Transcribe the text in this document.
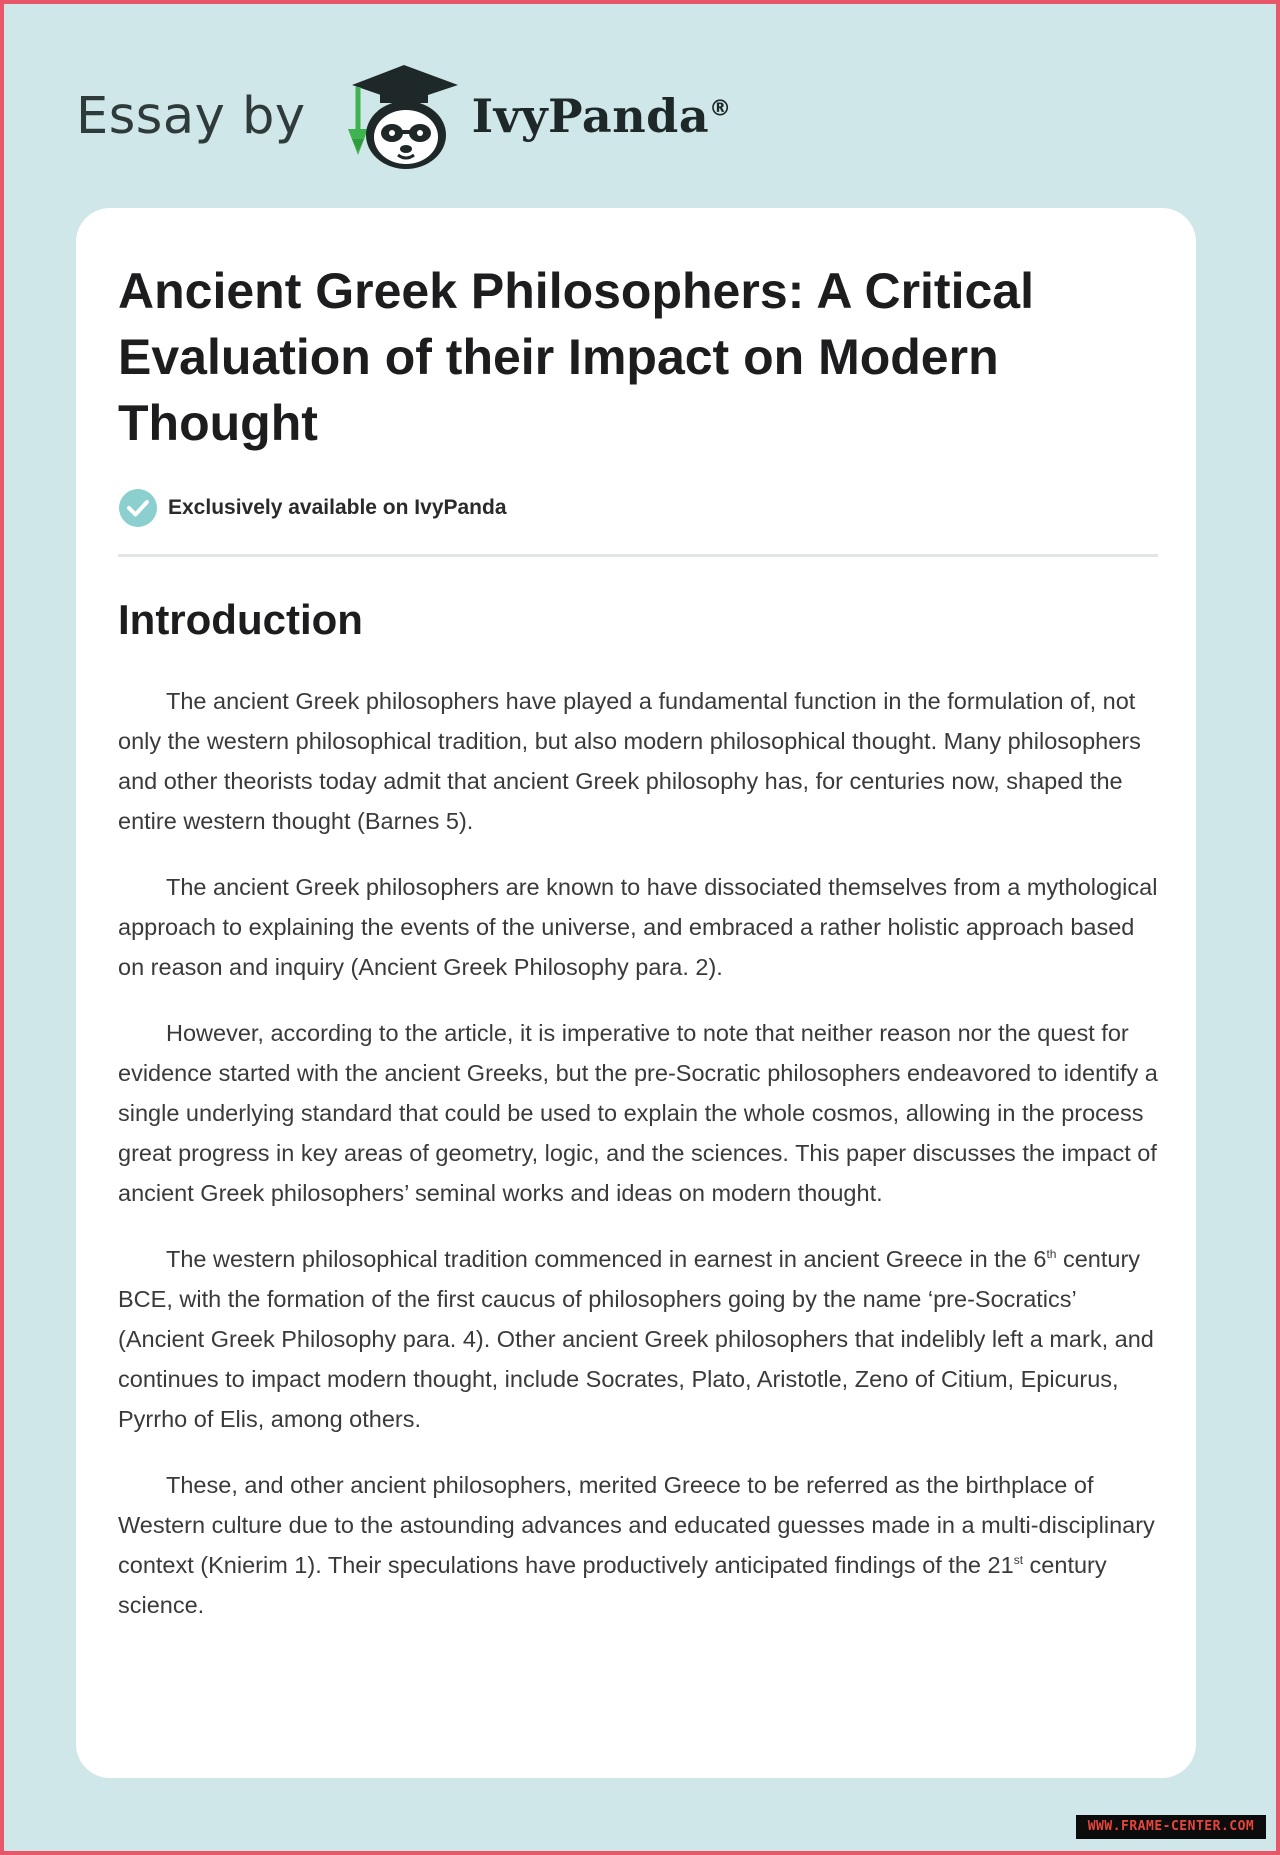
Essay by	IvyPanda®
Ancient Greek Philosophers: A Critical Evaluation of their Impact on Modern Thought
Exclusively available on IvyPanda
Introduction

The ancient Greek philosophers have played a fundamental function in the formulation of, not only the western philosophical tradition, but also modern philosophical thought. Many philosophers and other theorists today admit that ancient Greek philosophy has, for centuries now, shaped the entire western thought (Barnes 5).

The ancient Greek philosophers are known to have dissociated themselves from a mythological approach to explaining the events of the universe, and embraced a rather holistic approach based on reason and inquiry (Ancient Greek Philosophy para. 2).

However, according to the article, it is imperative to note that neither reason nor the quest for evidence started with the ancient Greeks, but the pre-Socratic philosophers endeavored to identify a single underlying standard that could be used to explain the whole cosmos, allowing in the process great progress in key areas of geometry, logic, and the sciences. This paper discusses the impact of ancient Greek philosophers’ seminal works and ideas on modern thought.

The western philosophical tradition commenced in earnest in ancient Greece in the 6th century BCE, with the formation of the first caucus of philosophers going by the name ‘pre-Socratics’ (Ancient Greek Philosophy para. 4). Other ancient Greek philosophers that indelibly left a mark, and continues to impact modern thought, include Socrates, Plato, Aristotle, Zeno of Citium, Epicurus, Pyrrho of Elis, among others.

These, and other ancient philosophers, merited Greece to be referred as the birthplace of Western culture due to the astounding advances and educated guesses made in a multi-disciplinary context (Knierim 1). Their speculations have productively anticipated findings of the 21st century science.

WWW.FRAME-CENTER.COM
